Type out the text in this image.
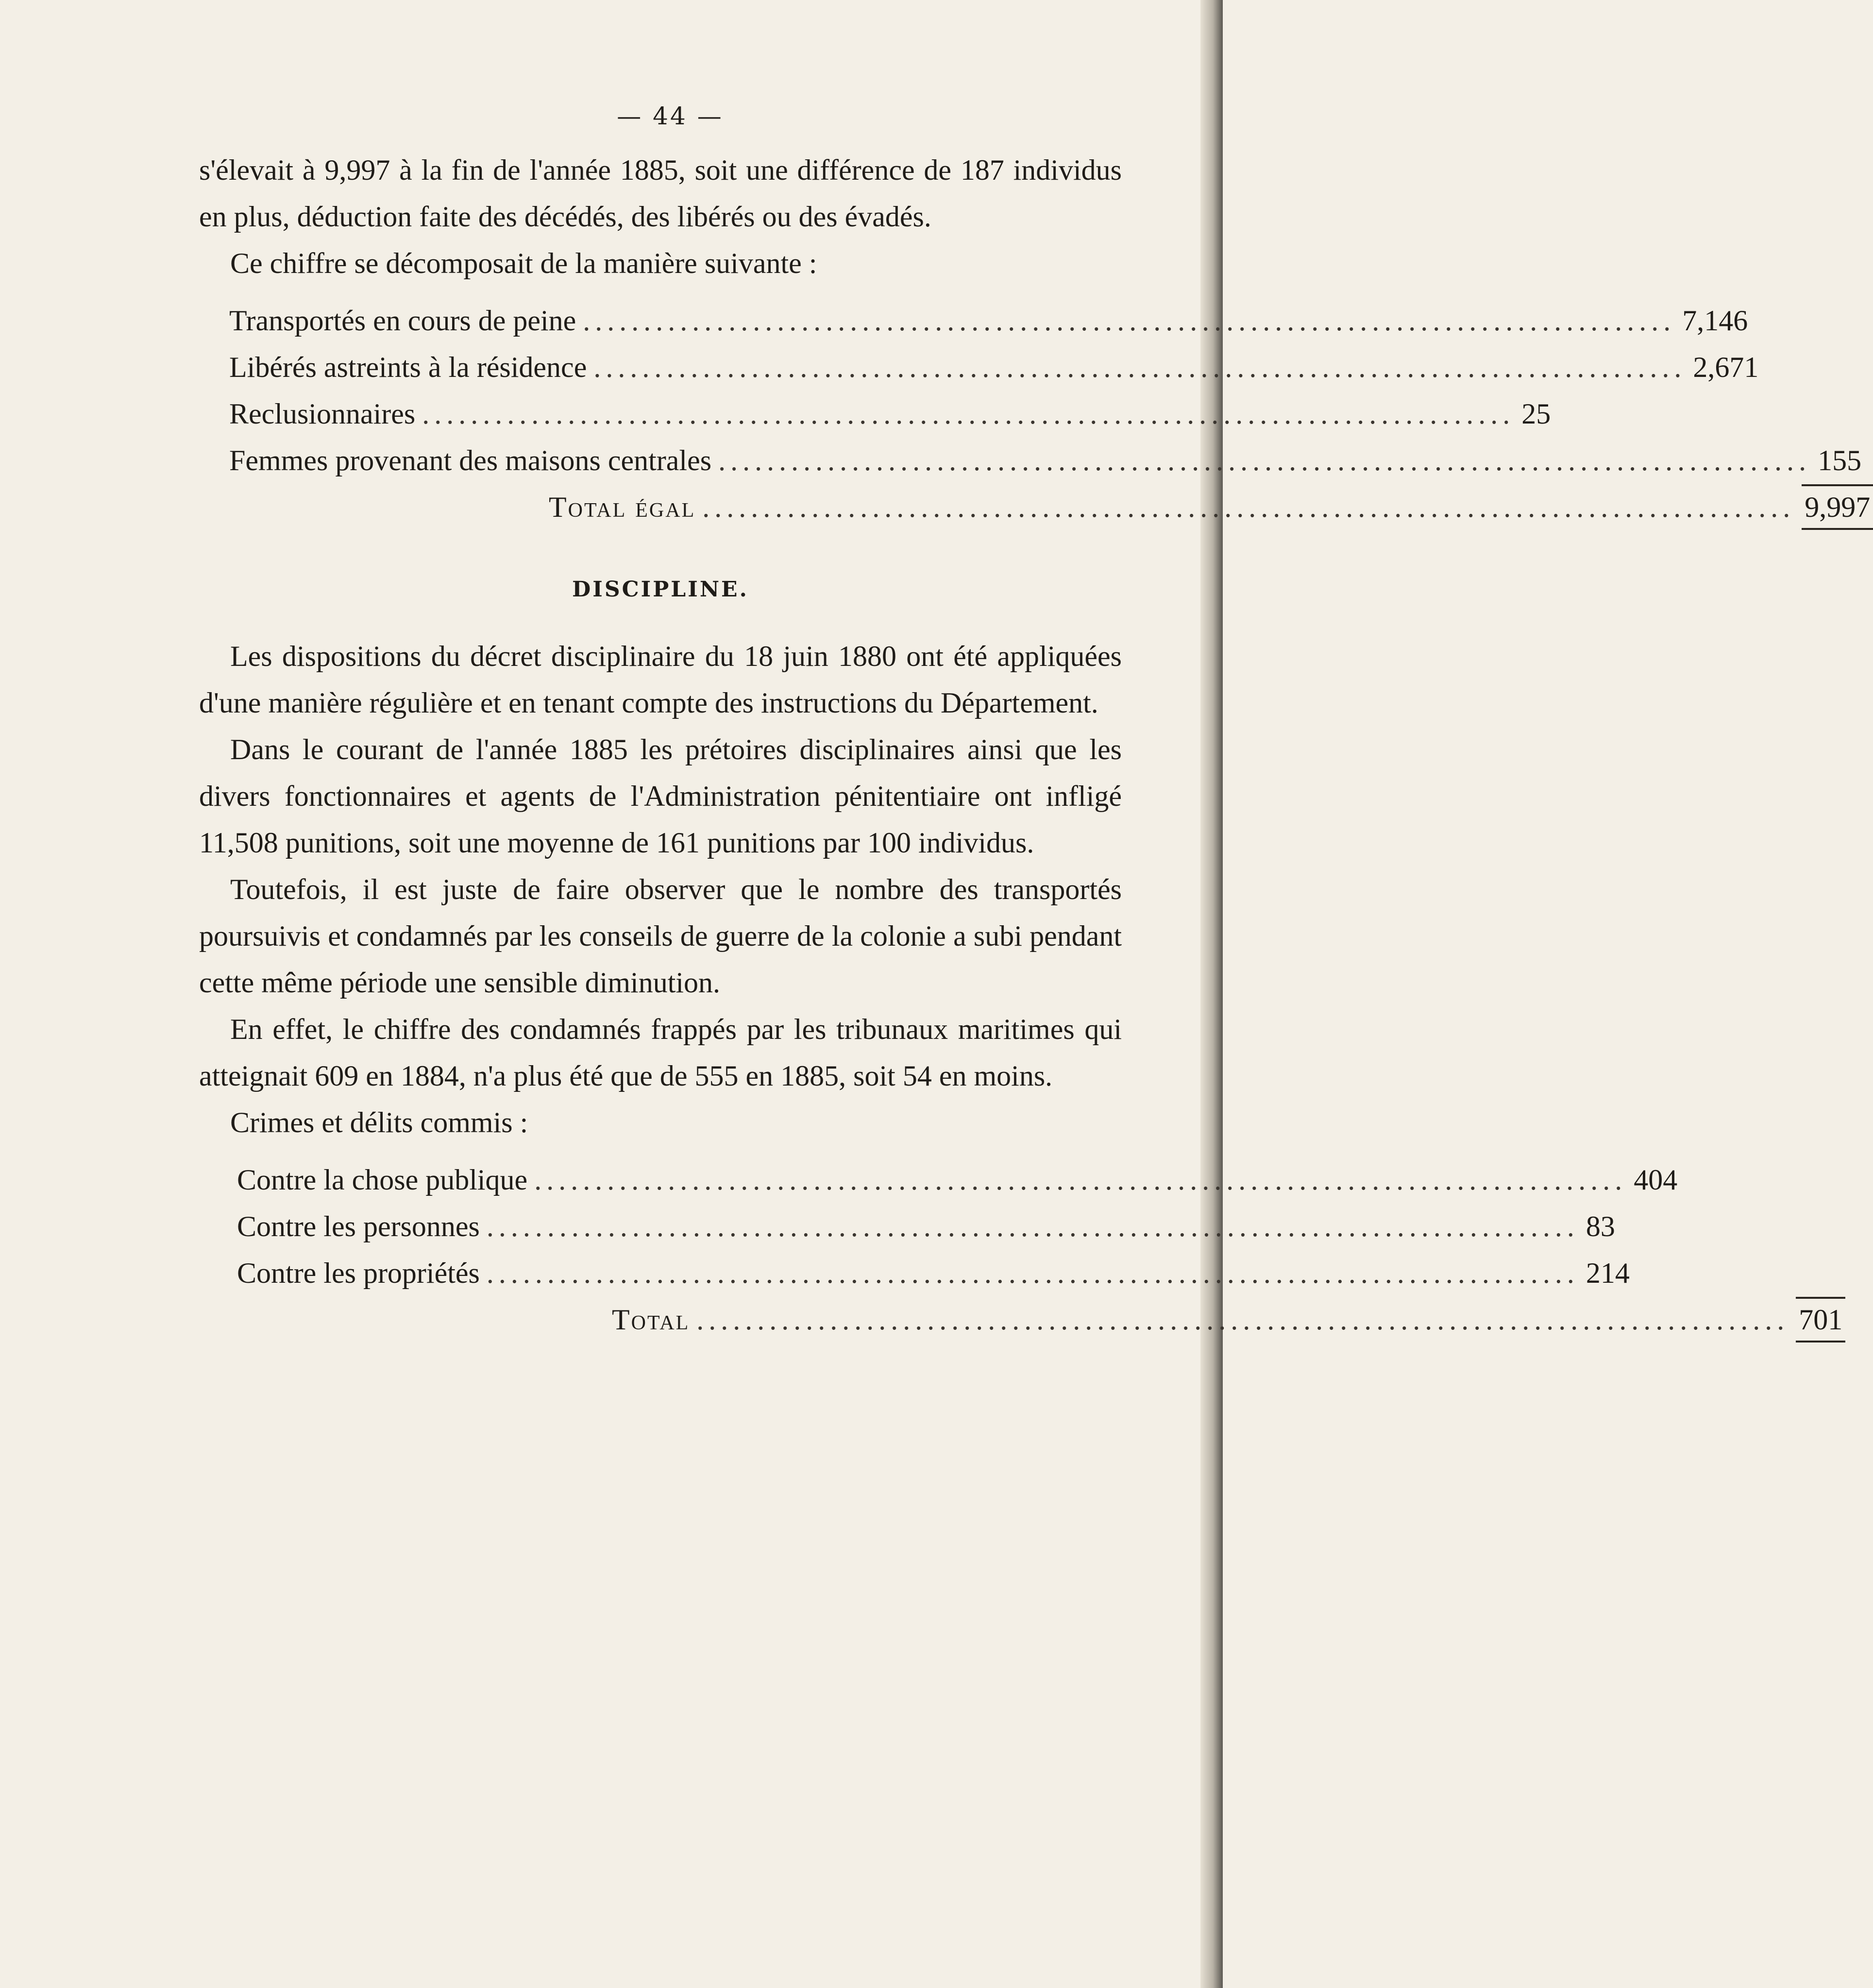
— 44 —

s'élevait à 9,997 à la fin de l'année 1885, soit une différence de 187 individus en plus, déduction faite des décédés, des libérés ou des évadés.

Ce chiffre se décomposait de la manière suivante :

Transportés en cours de peine .......................................................................................... 7,146
Libérés astreints à la résidence .......................................................................................... 2,671
Reclusionnaires .......................................................................................... 25
Femmes provenant des maisons centrales .......................................................................................... 155
Total égal .......................................................................................... 9,997
DISCIPLINE.

Les dispositions du décret disciplinaire du 18 juin 1880 ont été appliquées d'une manière régulière et en tenant compte des instructions du Département.

Dans le courant de l'année 1885 les prétoires disciplinaires ainsi que les divers fonctionnaires et agents de l'Administration pénitentiaire ont infligé 11,508 punitions, soit une moyenne de 161 punitions par 100 individus.

Toutefois, il est juste de faire observer que le nombre des transportés poursuivis et condamnés par les conseils de guerre de la colonie a subi pendant cette même période une sensible diminution.

En effet, le chiffre des condamnés frappés par les tribunaux maritimes qui atteignait 609 en 1884, n'a plus été que de 555 en 1885, soit 54 en moins.

Crimes et délits commis :

Contre la chose publique .......................................................................................... 404
Contre les personnes .......................................................................................... 83
Contre les propriétés .......................................................................................... 214
Total .......................................................................................... 701
